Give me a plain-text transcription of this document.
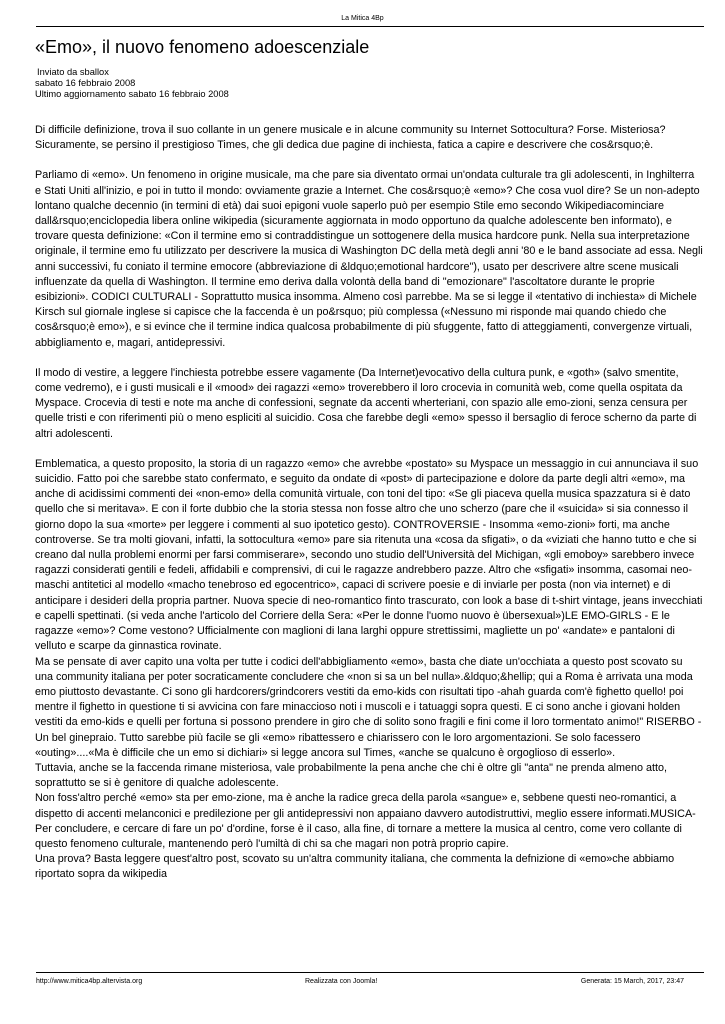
La Mitica 4Bp
«Emo», il nuovo fenomeno adoescenziale
Inviato da sballox
sabato 16 febbraio 2008
Ultimo aggiornamento sabato 16 febbraio 2008

Di difficile definizione, trova il suo collante in un genere musicale e in alcune community su Internet Sottocultura? Forse. Misteriosa? Sicuramente, se persino il prestigioso Times, che gli dedica due pagine di inchiesta, fatica a capire e descrivere che cos&rsquo;è.

Parliamo di «emo». Un fenomeno in origine musicale, ma che pare sia diventato ormai un'ondata culturale tra gli adolescenti, in Inghilterra e Stati Uniti all'inizio, e poi in tutto il mondo: ovviamente grazie a Internet. Che cos&rsquo;è «emo»? Che cosa vuol dire? Se un non-adepto lontano qualche decennio (in termini di età) dai suoi epigoni vuole saperlo può per esempio Stile emo secondo Wikipediacominciare dall&rsquo;enciclopedia libera online wikipedia (sicuramente aggiornata in modo opportuno da qualche adolescente ben informato), e trovare questa definizione: «Con il termine emo si contraddistingue un sottogenere della musica hardcore punk. Nella sua interpretazione originale, il termine emo fu utilizzato per descrivere la musica di Washington DC della metà degli anni '80 e le band associate ad essa. Negli anni successivi, fu coniato il termine emocore (abbreviazione di &ldquo;emotional hardcore"), usato per descrivere altre scene musicali influenzate da quella di Washington. Il termine emo deriva dalla volontà della band di "emozionare" l'ascoltatore durante le proprie esibizioni». CODICI CULTURALI - Soprattutto musica insomma. Almeno così parrebbe. Ma se si legge il «tentativo di inchiesta» di Michele Kirsch sul giornale inglese si capisce che la faccenda è un po&rsquo; più complessa («Nessuno mi risponde mai quando chiedo che cos&rsquo;è emo»), e si evince che il termine indica qualcosa probabilmente di più sfuggente, fatto di atteggiamenti, convergenze virtuali, abbigliamento e, magari, antidepressivi.

Il modo di vestire, a leggere l'inchiesta potrebbe essere vagamente (Da Internet)evocativo della cultura punk, e «goth» (salvo smentite, come vedremo), e i gusti musicali e il «mood» dei ragazzi «emo» troverebbero il loro crocevia in comunità web, come quella ospitata da Myspace. Crocevia di testi e note ma anche di confessioni, segnate da accenti wherteriani, con spazio alle emo-zioni, senza censura per quelle tristi e con riferimenti più o meno espliciti al suicidio. Cosa che farebbe degli «emo» spesso il bersaglio di feroce scherno da parte di altri adolescenti.

Emblematica, a questo proposito, la storia di un ragazzo «emo» che avrebbe «postato» su Myspace un messaggio in cui annunciava il suo suicidio. Fatto poi che sarebbe stato confermato, e seguito da ondate di «post» di partecipazione e dolore da parte degli altri «emo», ma anche di acidissimi commenti dei «non-emo» della comunità virtuale, con toni del tipo: «Se gli piaceva quella musica spazzatura si è dato quello che si meritava». E con il forte dubbio che la storia stessa non fosse altro che uno scherzo (pare che il «suicida» si sia connesso il giorno dopo la sua «morte» per leggere i commenti al suo ipotetico gesto). CONTROVERSIE - Insomma «emo-zioni» forti, ma anche controverse. Se tra molti giovani, infatti, la sottocultura «emo» pare sia ritenuta una «cosa da sfigati», o da «viziati che hanno tutto e che si creano dal nulla problemi enormi per farsi commiserare», secondo uno studio dell'Università del Michigan, «gli emoboy» sarebbero invece ragazzi considerati gentili e fedeli, affidabili e comprensivi, di cui le ragazze andrebbero pazze. Altro che «sfigati» insomma, casomai neo-maschi antitetici al modello «macho tenebroso ed egocentrico», capaci di scrivere poesie e di inviarle per posta (non via internet) e di anticipare i desideri della propria partner. Nuova specie di neo-romantico finto trascurato, con look a base di t-shirt vintage, jeans invecchiati e capelli spettinati. (si veda anche l'articolo del Corriere della Sera: «Per le donne l'uomo nuovo è übersexual»)LE EMO-GIRLS - E le ragazze «emo»? Come vestono? Ufficialmente con maglioni di lana larghi oppure strettissimi, magliette un po' «andate» e pantaloni di velluto e scarpe da ginnastica rovinate.

Ma se pensate di aver capito una volta per tutte i codici dell'abbigliamento «emo», basta che diate un'occhiata a questo post scovato su una community italiana per poter socraticamente concludere che «non si sa un bel nulla».&ldquo;&hellip; qui a Roma è arrivata una moda emo piuttosto devastante. Ci sono gli hardcorers/grindcorers vestiti da emo-kids con risultati tipo -ahah guarda com'è fighetto quello! poi mentre il fighetto in questione ti si avvicina con fare minaccioso noti i muscoli e i tatuaggi sopra questi. E ci sono anche i giovani holden vestiti da emo-kids e quelli per fortuna si possono prendere in giro che di solito sono fragili e fini come il loro tormentato animo!" RISERBO - Un bel ginepraio. Tutto sarebbe più facile se gli «emo» ribattessero e chiarissero con le loro argomentazioni. Se solo facessero «outing»....«Ma è difficile che un emo si dichiari» si legge ancora sul Times, «anche se qualcuno è orgoglioso di esserlo».

Tuttavia, anche se la faccenda rimane misteriosa, vale probabilmente la pena anche che chi è oltre gli "anta" ne prenda almeno atto, soprattutto se si è genitore di qualche adolescente.

Non foss'altro perché «emo» sta per emo-zione, ma è anche la radice greca della parola «sangue» e, sebbene questi neo-romantici, a dispetto di accenti melanconici e predilezione per gli antidepressivi non appaiano davvero autodistruttivi, meglio essere informati.MUSICA- Per concludere, e cercare di fare un po' d'ordine, forse è il caso, alla fine, di tornare a mettere la musica al centro, come vero collante di questo fenomeno culturale, mantenendo però l'umiltà di chi sa che magari non potrà proprio capire.

Una prova? Basta leggere quest'altro post, scovato su un'altra community italiana, che commenta la defnizione di «emo»che abbiamo riportato sopra da wikipedia

http://www.mitica4bp.altervista.org	Realizzata con Joomla!	Generata: 15 March, 2017, 23:47
